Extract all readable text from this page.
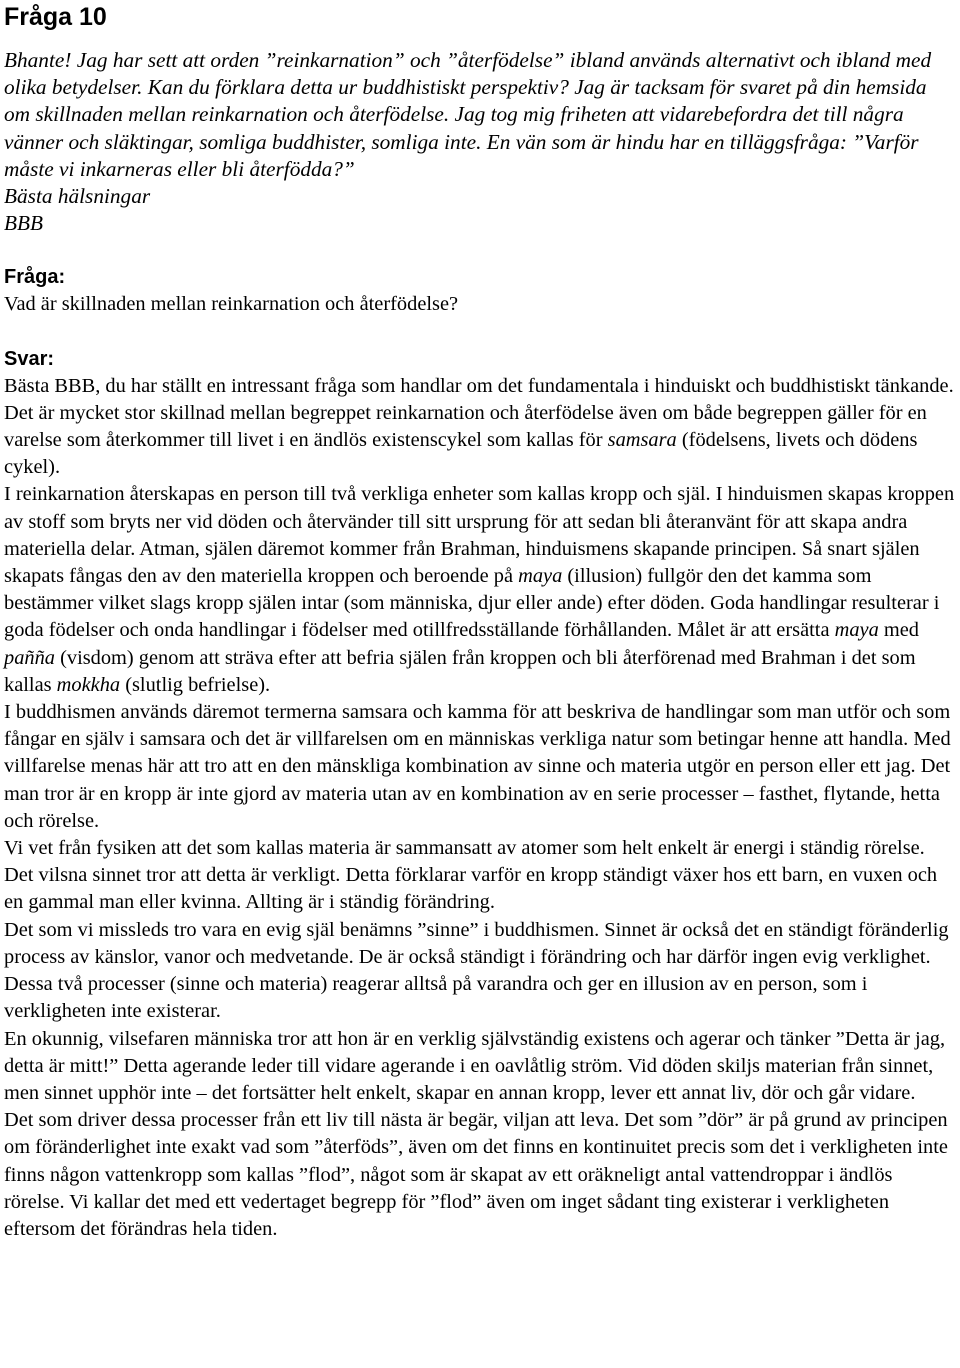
Fråga 10

Bhante! Jag har sett att orden ”reinkarnation” och ”återfödelse” ibland används alternativt och ibland med olika betydelser. Kan du förklara detta ur buddhistiskt perspektiv? Jag är tacksam för svaret på din hemsida om skillnaden mellan reinkarnation och återfödelse. Jag tog mig friheten att vidarebefordra det till några vänner och släktingar, somliga buddhister, somliga inte. En vän som är hindu har en tilläggsfråga: ”Varför måste vi inkarneras eller bli återfödda?”

Bästa hälsningar

BBB

Fråga:

Vad är skillnaden mellan reinkarnation och återfödelse?

Svar:

Bästa BBB, du har ställt en intressant fråga som handlar om det fundamentala i hinduiskt och buddhistiskt tänkande.

Det är mycket stor skillnad mellan begreppet reinkarnation och återfödelse även om både begreppen gäller för en varelse som återkommer till livet i en ändlös existenscykel som kallas för samsara (födelsens, livets och dödens cykel).

I reinkarnation återskapas en person till två verkliga enheter som kallas kropp och själ. I hinduismen skapas kroppen av stoff som bryts ner vid döden och återvänder till sitt ursprung för att sedan bli återanvänt för att skapa andra materiella delar. Atman, själen däremot kommer från Brahman, hinduismens skapande principen. Så snart själen skapats fångas den av den materiella kroppen och beroende på maya (illusion) fullgör den det kamma som bestämmer vilket slags kropp själen intar (som människa, djur eller ande) efter döden. Goda handlingar resulterar i goda födelser och onda handlingar i födelser med otillfredsställande förhållanden. Målet är att ersätta maya med paññа (visdom) genom att sträva efter att befria själen från kroppen och bli återförenad med Brahman i det som kallas mokkha (slutlig befrielse).

I buddhismen används däremot termerna samsara och kamma för att beskriva de handlingar som man utför och som fångar en själv i samsara och det är villfarelsen om en människas verkliga natur som betingar henne att handla. Med villfarelse menas här att tro att en den mänskliga kombination av sinne och materia utgör en person eller ett jag. Det man tror är en kropp är inte gjord av materia utan av en kombination av en serie processer – fasthet, flytande, hetta och rörelse.

Vi vet från fysiken att det som kallas materia är sammansatt av atomer som helt enkelt är energi i ständig rörelse. Det vilsna sinnet tror att detta är verkligt. Detta förklarar varför en kropp ständigt växer hos ett barn, en vuxen och en gammal man eller kvinna. Allting är i ständig förändring.

Det som vi missleds tro vara en evig själ benämns ”sinne” i buddhismen. Sinnet är också det en ständigt föränderlig process av känslor, vanor och medvetande. De är också ständigt i förändring och har därför ingen evig verklighet. Dessa två processer (sinne och materia) reagerar alltså på varandra och ger en illusion av en person, som i verkligheten inte existerar.

En okunnig, vilsefaren människa tror att hon är en verklig självständig existens och agerar och tänker ”Detta är jag, detta är mitt!” Detta agerande leder till vidare agerande i en oavlåtlig ström. Vid döden skiljs materian från sinnet, men sinnet upphör inte – det fortsätter helt enkelt, skapar en annan kropp, lever ett annat liv, dör och går vidare.

Det som driver dessa processer från ett liv till nästa är begär, viljan att leva. Det som ”dör” är på grund av principen om föränderlighet inte exakt vad som ”återföds”, även om det finns en kontinuitet precis som det i verkligheten inte finns någon vattenkropp som kallas ”flod”, något som är skapat av ett oräkneligt antal vattendroppar i ändlös rörelse. Vi kallar det med ett vedertaget begrepp för ”flod” även om inget sådant ting existerar i verkligheten eftersom det förändras hela tiden.
